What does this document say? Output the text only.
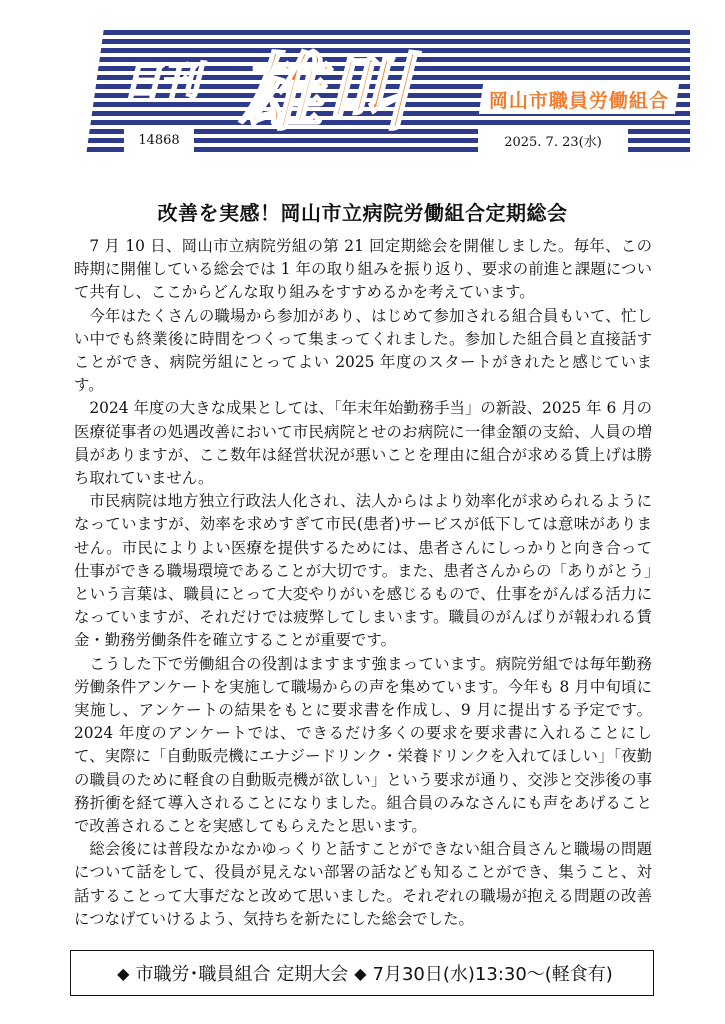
日刊 雄叫	岡山市職員労働組合
14868	2025. 7. 23(水)
改善を実感！岡山市立病院労働組合定期総会

7 月 10 日、岡山市立病院労組の第 21 回定期総会を開催しました。毎年、この時期に開催している総会では 1 年の取り組みを振り返り、要求の前進と課題について共有し、ここからどんな取り組みをすすめるかを考えています。

今年はたくさんの職場から参加があり、はじめて参加される組合員もいて、忙しい中でも終業後に時間をつくって集まってくれました。参加した組合員と直接話すことができ、病院労組にとってよい 2025 年度のスタートがきれたと感じています。

2024 年度の大きな成果としては、「年末年始勤務手当」の新設、2025 年 6 月の医療従事者の処遇改善において市民病院とせのお病院に一律金額の支給、人員の増員がありますが、ここ数年は経営状況が悪いことを理由に組合が求める賃上げは勝ち取れていません。

市民病院は地方独立行政法人化され、法人からはより効率化が求められるようになっていますが、効率を求めすぎて市民(患者)サービスが低下しては意味がありません。市民によりよい医療を提供するためには、患者さんにしっかりと向き合って仕事ができる職場環境であることが大切です。また、患者さんからの「ありがとう」という言葉は、職員にとって大変やりがいを感じるもので、仕事をがんばる活力になっていますが、それだけでは疲弊してしまいます。職員のがんばりが報われる賃金・勤務労働条件を確立することが重要です。

こうした下で労働組合の役割はますます強まっています。病院労組では毎年勤務労働条件アンケートを実施して職場からの声を集めています。今年も 8 月中旬頃に実施し、アンケートの結果をもとに要求書を作成し、9 月に提出する予定です。2024 年度のアンケートでは、できるだけ多くの要求を要求書に入れることにして、実際に「自動販売機にエナジードリンク・栄養ドリンクを入れてほしい」「夜勤の職員のために軽食の自動販売機が欲しい」という要求が通り、交渉と交渉後の事務折衝を経て導入されることになりました。組合員のみなさんにも声をあげることで改善されることを実感してもらえたと思います。

総会後には普段なかなかゆっくりと話すことができない組合員さんと職場の問題について話をして、役員が見えない部署の話なども知ることができ、集うこと、対話することって大事だなと改めて思いました。それぞれの職場が抱える問題の改善につなげていけるよう、気持ちを新たにした総会でした。

◆ 市職労･職員組合 定期大会 ◆ 7月30日(水)13:30～(軽食有)
